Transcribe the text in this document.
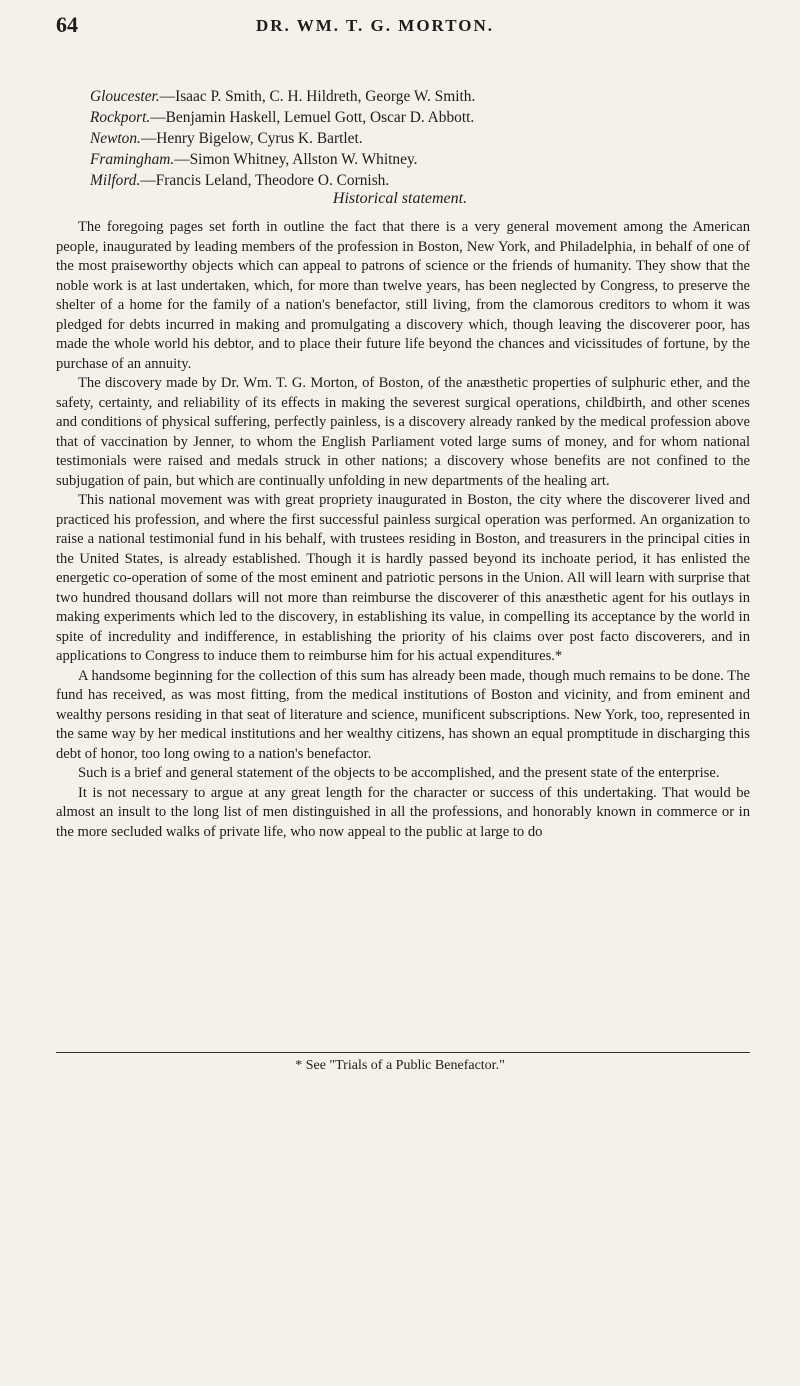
64	DR. WM. T. G. MORTON.
Gloucester.—Isaac P. Smith, C. H. Hildreth, George W. Smith.
Rockport.—Benjamin Haskell, Lemuel Gott, Oscar D. Abbott.
Newton.—Henry Bigelow, Cyrus K. Bartlet.
Framingham.—Simon Whitney, Allston W. Whitney.
Milford.—Francis Leland, Theodore O. Cornish.
Historical statement.

The foregoing pages set forth in outline the fact that there is a very general movement among the American people, inaugurated by leading members of the profession in Boston, New York, and Philadelphia, in behalf of one of the most praiseworthy objects which can appeal to patrons of science or the friends of humanity. They show that the noble work is at last undertaken, which, for more than twelve years, has been neglected by Congress, to preserve the shelter of a home for the family of a nation's benefactor, still living, from the clamorous creditors to whom it was pledged for debts incurred in making and promulgating a discovery which, though leaving the discoverer poor, has made the whole world his debtor, and to place their future life beyond the chances and vicissitudes of fortune, by the purchase of an annuity.

The discovery made by Dr. Wm. T. G. Morton, of Boston, of the anæsthetic properties of sulphuric ether, and the safety, certainty, and reliability of its effects in making the severest surgical operations, childbirth, and other scenes and conditions of physical suffering, perfectly painless, is a discovery already ranked by the medical profession above that of vaccination by Jenner, to whom the English Parliament voted large sums of money, and for whom national testimonials were raised and medals struck in other nations; a discovery whose benefits are not confined to the subjugation of pain, but which are continually unfolding in new departments of the healing art.

This national movement was with great propriety inaugurated in Boston, the city where the discoverer lived and practiced his profession, and where the first successful painless surgical operation was performed. An organization to raise a national testimonial fund in his behalf, with trustees residing in Boston, and treasurers in the principal cities in the United States, is already established. Though it is hardly passed beyond its inchoate period, it has enlisted the energetic co-operation of some of the most eminent and patriotic persons in the Union. All will learn with surprise that two hundred thousand dollars will not more than reimburse the discoverer of this anæsthetic agent for his outlays in making experiments which led to the discovery, in establishing its value, in compelling its acceptance by the world in spite of incredulity and indifference, in establishing the priority of his claims over post facto discoverers, and in applications to Congress to induce them to reimburse him for his actual expenditures.*

A handsome beginning for the collection of this sum has already been made, though much remains to be done. The fund has received, as was most fitting, from the medical institutions of Boston and vicinity, and from eminent and wealthy persons residing in that seat of literature and science, munificent subscriptions. New York, too, represented in the same way by her medical institutions and her wealthy citizens, has shown an equal promptitude in discharging this debt of honor, too long owing to a nation's benefactor.

Such is a brief and general statement of the objects to be accomplished, and the present state of the enterprise.

It is not necessary to argue at any great length for the character or success of this undertaking. That would be almost an insult to the long list of men distinguished in all the professions, and honorably known in commerce or in the more secluded walks of private life, who now appeal to the public at large to do

* See "Trials of a Public Benefactor."
